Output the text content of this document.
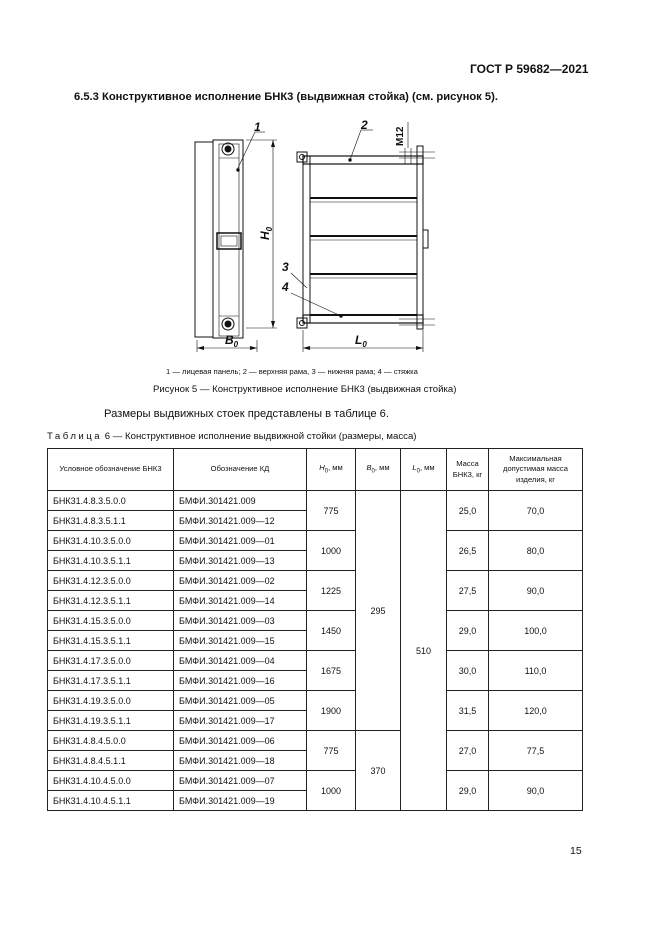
ГОСТ Р 59682—2021
6.5.3 Конструктивное исполнение БНК3 (выдвижная стойка) (см. рисунок 5).
1	2
3
4
$B_0$	$L_0$
$H_0$
M12
1 — лицевая панель; 2 — верхняя рама, 3 — нижняя рама; 4 — стяжка
Рисунок 5 — Конструктивное исполнение БНК3 (выдвижная стойка)
Размеры выдвижных стоек представлены в таблице 6.
Таблица 6 — Конструктивное исполнение выдвижной стойки (размеры, масса)
Условное обозначение БНК3	Обозначение КД	$H_0$, мм	$B_0$, мм	$L_0$, мм	Масса БНК3, кг	Максимальная допустимая масса изделия, кг
БНК31.4.8.3.5.0.0	БМФИ.301421.009	775	295	510	25,0	70,0
БНК31.4.8.3.5.1.1	БМФИ.301421.009—12					
БНК31.4.10.3.5.0.0	БМФИ.301421.009—01	1000			26,5	80,0
БНК31.4.10.3.5.1.1	БМФИ.301421.009—13					
БНК31.4.12.3.5.0.0	БМФИ.301421.009—02	1225			27,5	90,0
БНК31.4.12.3.5.1.1	БМФИ.301421.009—14					
БНК31.4.15.3.5.0.0	БМФИ.301421.009—03	1450			29,0	100,0
БНК31.4.15.3.5.1.1	БМФИ.301421.009—15					
БНК31.4.17.3.5.0.0	БМФИ.301421.009—04	1675			30,0	110,0
БНК31.4.17.3.5.1.1	БМФИ.301421.009—16					
БНК31.4.19.3.5.0.0	БМФИ.301421.009—05	1900			31,5	120,0
БНК31.4.19.3.5.1.1	БМФИ.301421.009—17					
БНК31.4.8.4.5.0.0	БМФИ.301421.009—06	775	370		27,0	77,5
БНК31.4.8.4.5.1.1	БМФИ.301421.009—18					
БНК31.4.10.4.5.0.0	БМФИ.301421.009—07	1000			29,0	90,0
БНК31.4.10.4.5.1.1	БМФИ.301421.009—19					
15
